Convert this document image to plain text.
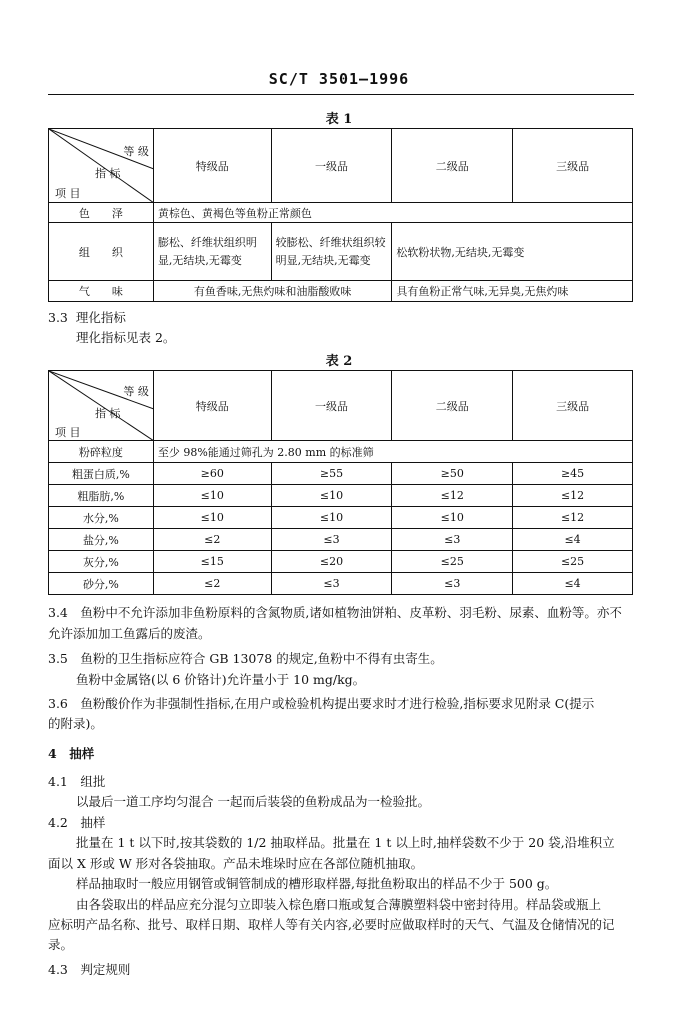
SC/T 3501—1996
表 1
等 级
指 标
项 目	特级品	一级品	二级品	三级品
色　　泽	黄棕色、黄褐色等鱼粉正常颜色			
组　　织	膨松、纤维状组织明显,无结块,无霉变	较膨松、纤维状组织较明显,无结块,无霉变	松软粉状物,无结块,无霉变	
气　　味	有鱼香味,无焦灼味和油脂酸败味		具有鱼粉正常气味,无异臭,无焦灼味	
3.3 理化指标
理化指标见表 2。
表 2
等 级
指 标
项 目	特级品	一级品	二级品	三级品
粉碎粒度	至少 98%能通过筛孔为 2.80 mm 的标准筛			
粗蛋白质,%	≥60	≥55	≥50	≥45
粗脂肪,%	≤10	≤10	≤12	≤12
水分,%	≤10	≤10	≤10	≤12
盐分,%	≤2	≤3	≤3	≤4
灰分,%	≤15	≤20	≤25	≤25
砂分,%	≤2	≤3	≤3	≤4
3.4　鱼粉中不允许添加非鱼粉原料的含氮物质,诸如植物油饼粕、皮革粉、羽毛粉、尿素、血粉等。亦不
允许添加加工鱼露后的废渣。
3.5　鱼粉的卫生指标应符合 GB 13078 的规定,鱼粉中不得有虫寄生。
鱼粉中金属铬(以 6 价铬计)允许量小于 10 mg/kg。
3.6　鱼粉酸价作为非强制性指标,在用户或检验机构提出要求时才进行检验,指标要求见附录 C(提示
的附录)。
4　抽样
4.1　组批
以最后一道工序均匀混合 一起而后装袋的鱼粉成品为一检验批。
4.2　抽样
批量在 1 t 以下时,按其袋数的 1/2 抽取样品。批量在 1 t 以上时,抽样袋数不少于 20 袋,沿堆积立
面以 X 形或 W 形对各袋抽取。产品未堆垛时应在各部位随机抽取。
样品抽取时一般应用钢管或铜管制成的槽形取样器,每批鱼粉取出的样品不少于 500 g。
由各袋取出的样品应充分混匀立即装入棕色磨口瓶或复合薄膜塑料袋中密封待用。样品袋或瓶上
应标明产品名称、批号、取样日期、取样人等有关内容,必要时应做取样时的天气、气温及仓储情况的记
录。
4.3　判定规则
